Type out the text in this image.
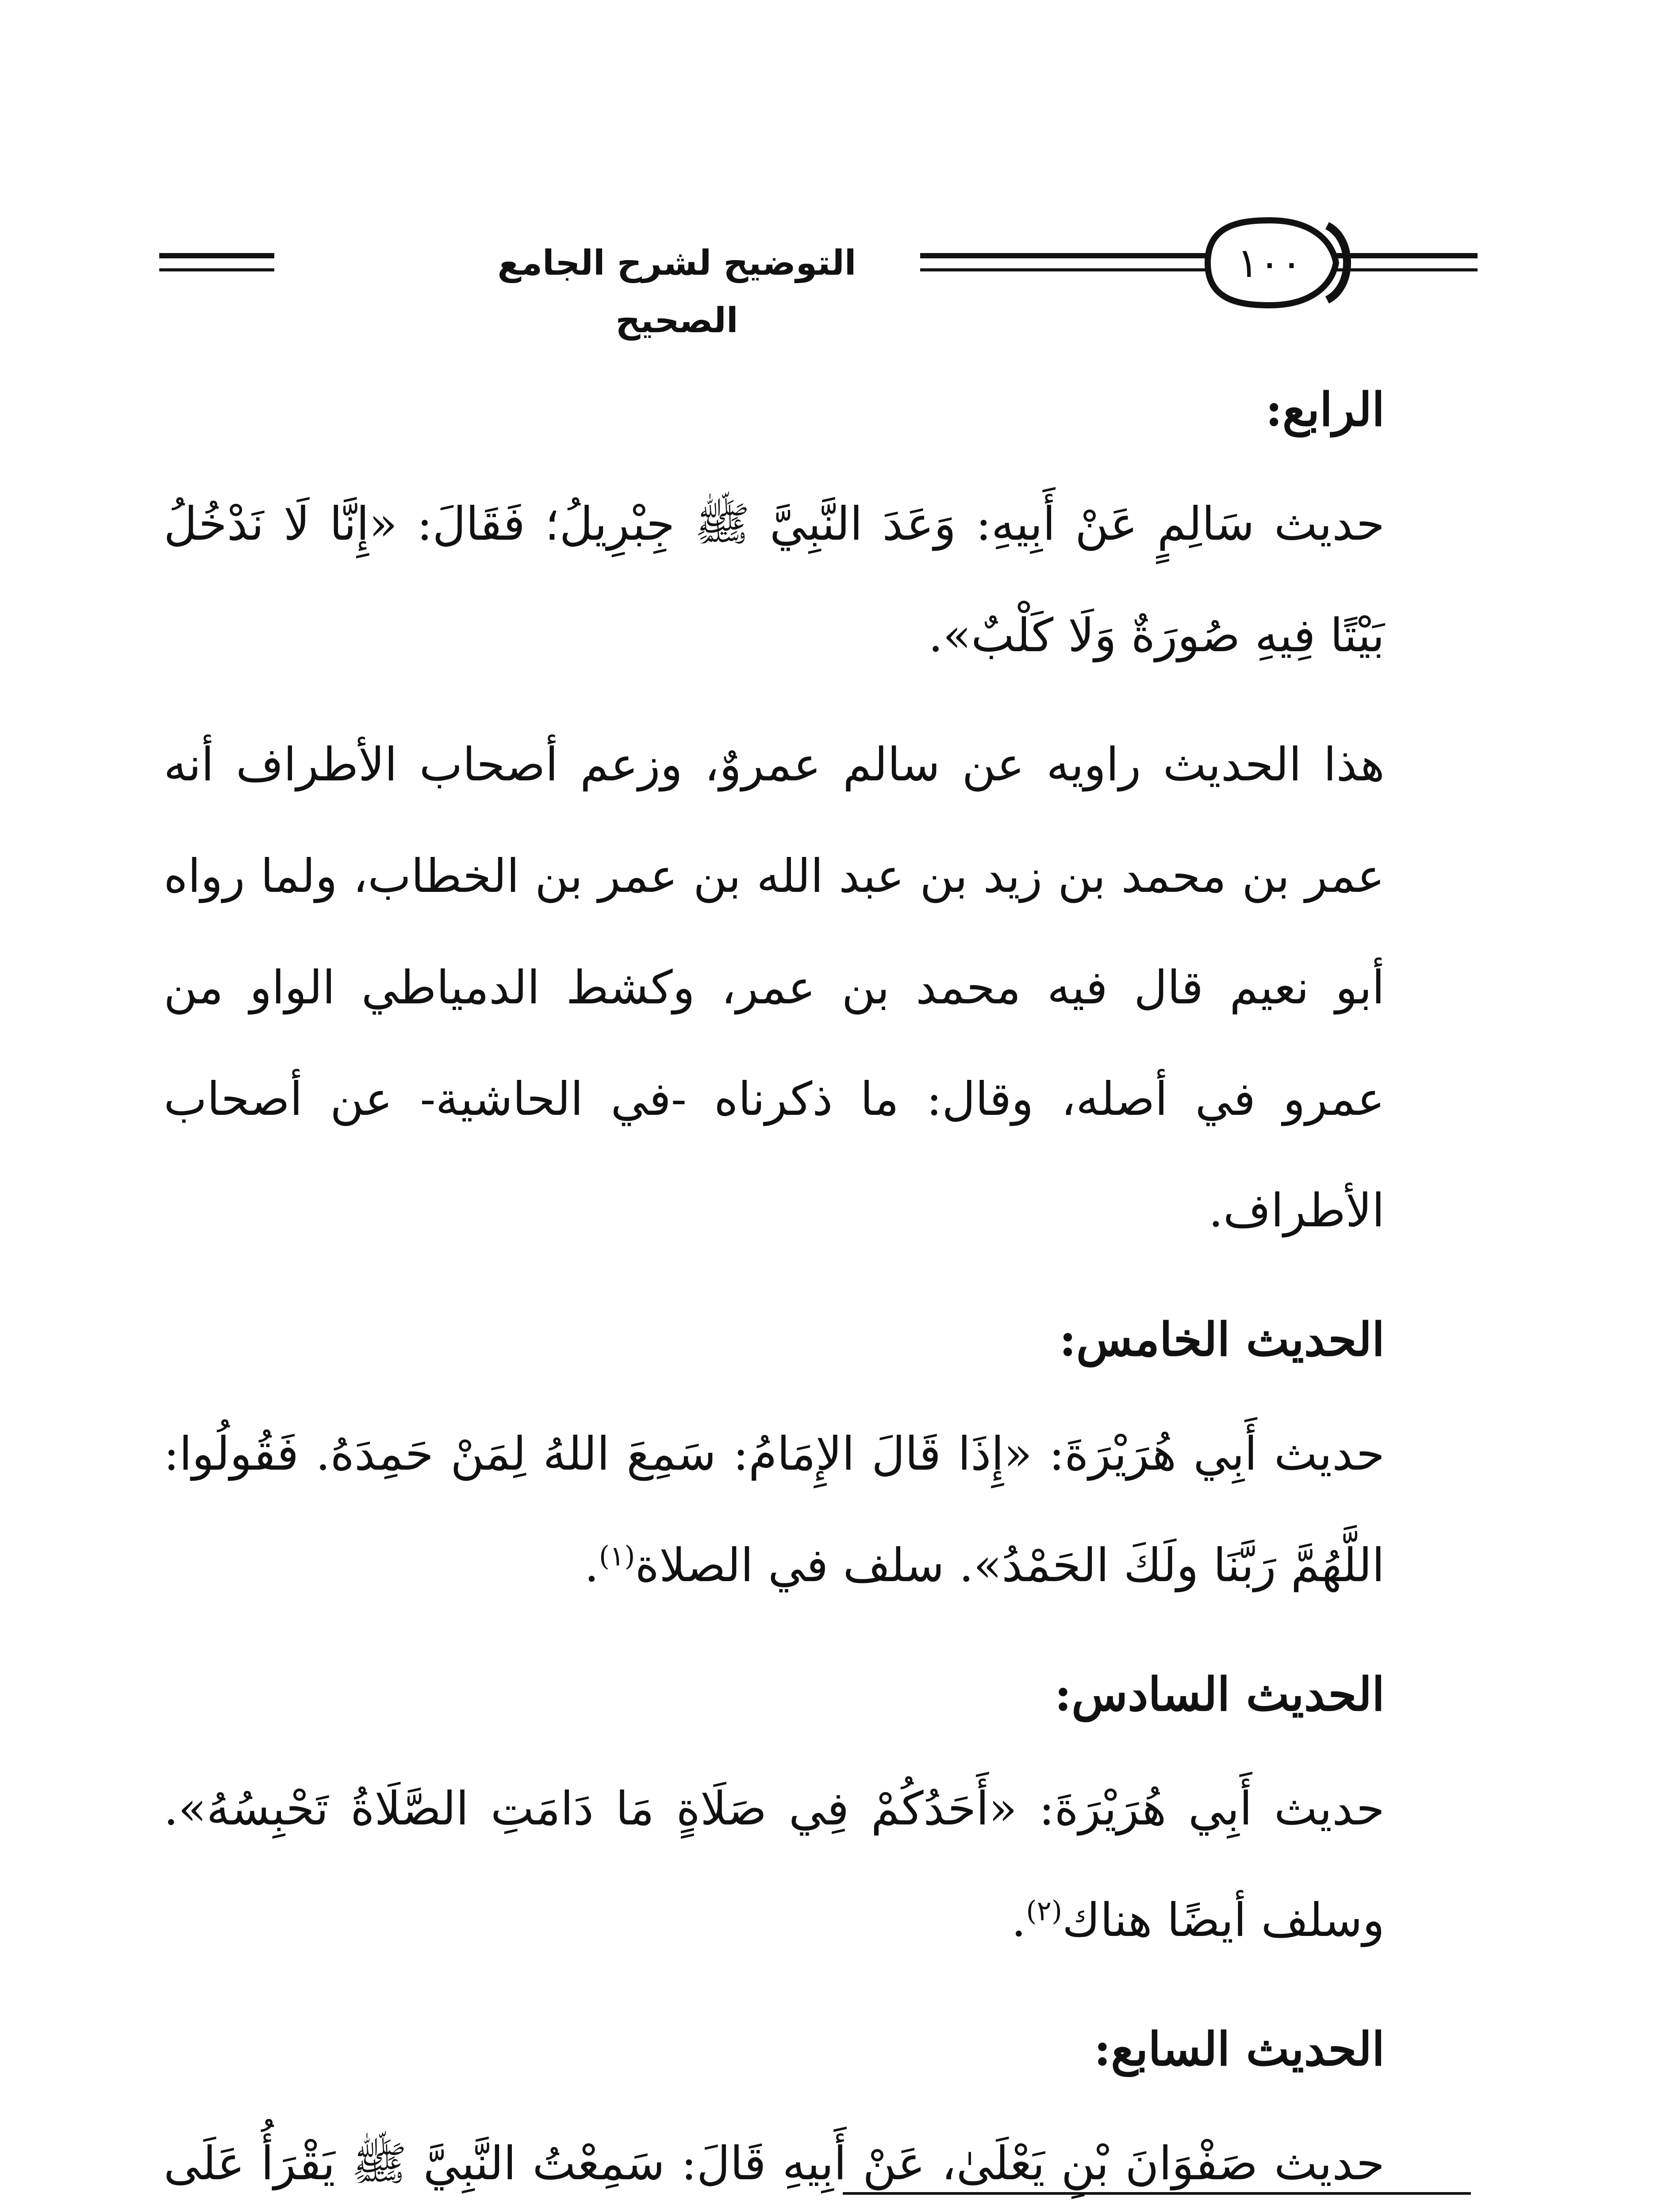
التوضيح لشرح الجامع الصحيح
١٠٠

الرابع:

حديث سَالِمٍ عَنْ أَبِيهِ: وَعَدَ النَّبِيَّ ﷺ جِبْرِيلُ؛ فَقَالَ: «إِنَّا لَا نَدْخُلُ بَيْتًا فِيهِ صُورَةٌ وَلَا كَلْبٌ».

هذا الحديث راويه عن سالم عمروٌ، وزعم أصحاب الأطراف أنه عمر بن محمد بن زيد بن عبد الله بن عمر بن الخطاب، ولما رواه أبو نعيم قال فيه محمد بن عمر، وكشط الدمياطي الواو من عمرو في أصله، وقال: ما ذكرناه -في الحاشية- عن أصحاب الأطراف.

الحديث الخامس:

حديث أَبِي هُرَيْرَةَ: «إِذَا قَالَ الإِمَامُ: سَمِعَ اللهُ لِمَنْ حَمِدَهُ. فَقُولُوا: اللَّهُمَّ رَبَّنَا ولَكَ الحَمْدُ». سلف في الصلاة$^{(١)}$.

الحديث السادس:

حديث أَبِي هُرَيْرَةَ: «أَحَدُكُمْ فِي صَلَاةٍ مَا دَامَتِ الصَّلَاةُ تَحْبِسُهُ». وسلف أيضًا هناك$^{(٢)}$.

الحديث السابع:

حديث صَفْوَانَ بْنِ يَعْلَىٰ، عَنْ أَبِيهِ قَالَ: سَمِعْتُ النَّبِيَّ ﷺ يَقْرَأُ عَلَى
